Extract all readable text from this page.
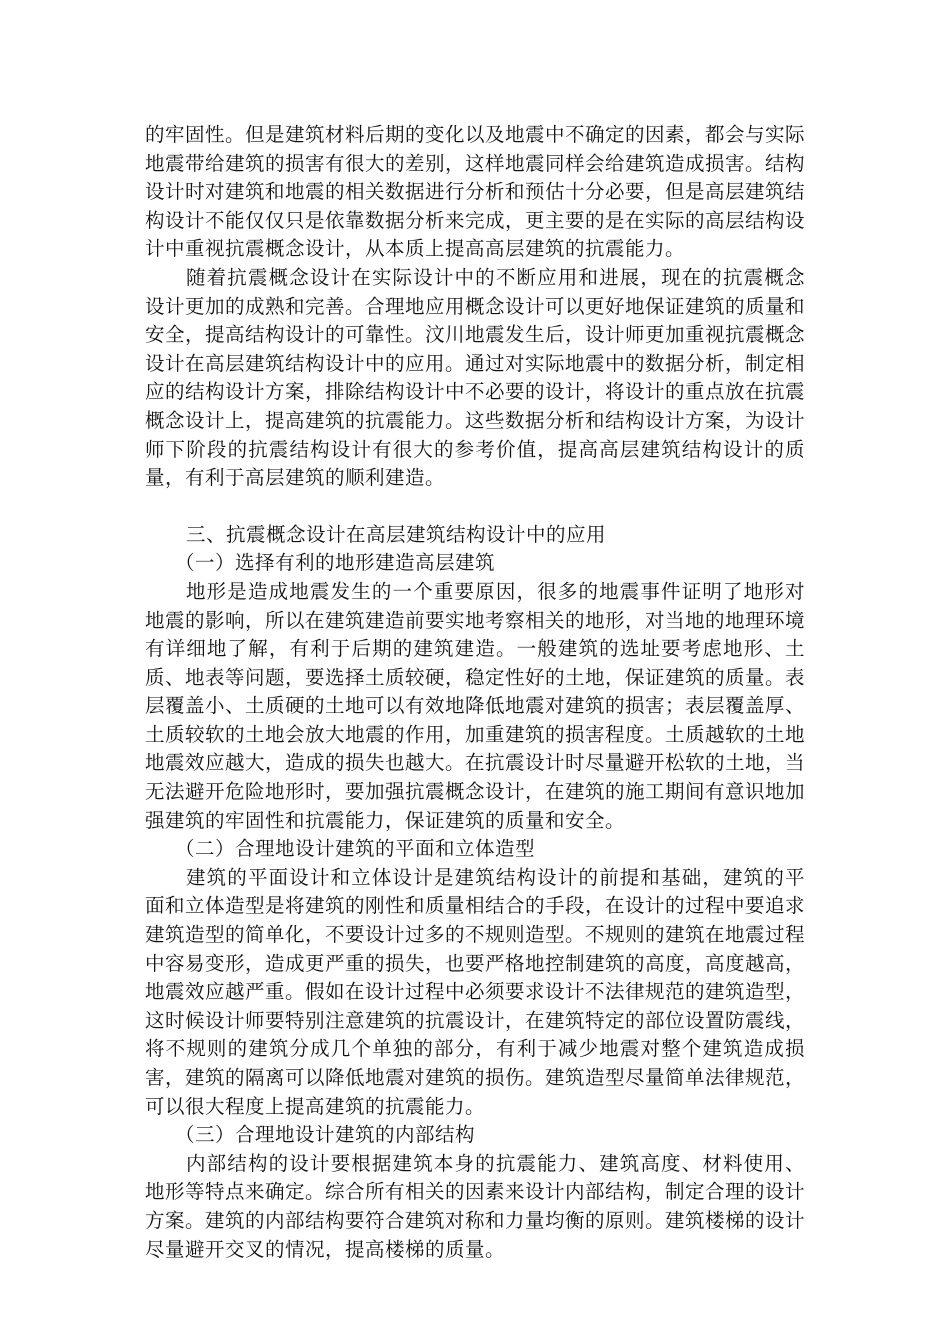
的牢固性。但是建筑材料后期的变化以及地震中不确定的因素，都会与实际地震带给建筑的损害有很大的差别，这样地震同样会给建筑造成损害。结构设计时对建筑和地震的相关数据进行分析和预估十分必要，但是高层建筑结构设计不能仅仅只是依靠数据分析来完成，更主要的是在实际的高层结构设计中重视抗震概念设计，从本质上提高高层建筑的抗震能力。

随着抗震概念设计在实际设计中的不断应用和进展，现在的抗震概念设计更加的成熟和完善。合理地应用概念设计可以更好地保证建筑的质量和安全，提高结构设计的可靠性。汶川地震发生后，设计师更加重视抗震概念设计在高层建筑结构设计中的应用。通过对实际地震中的数据分析，制定相应的结构设计方案，排除结构设计中不必要的设计，将设计的重点放在抗震概念设计上，提高建筑的抗震能力。这些数据分析和结构设计方案，为设计师下阶段的抗震结构设计有很大的参考价值，提高高层建筑结构设计的质量，有利于高层建筑的顺利建造。

三、抗震概念设计在高层建筑结构设计中的应用

（一）选择有利的地形建造高层建筑

地形是造成地震发生的一个重要原因，很多的地震事件证明了地形对地震的影响，所以在建筑建造前要实地考察相关的地形，对当地的地理环境有详细地了解，有利于后期的建筑建造。一般建筑的选址要考虑地形、土质、地表等问题，要选择土质较硬，稳定性好的土地，保证建筑的质量。表层覆盖小、土质硬的土地可以有效地降低地震对建筑的损害；表层覆盖厚、土质较软的土地会放大地震的作用，加重建筑的损害程度。土质越软的土地地震效应越大，造成的损失也越大。在抗震设计时尽量避开松软的土地，当无法避开危险地形时，要加强抗震概念设计，在建筑的施工期间有意识地加强建筑的牢固性和抗震能力，保证建筑的质量和安全。

（二）合理地设计建筑的平面和立体造型

建筑的平面设计和立体设计是建筑结构设计的前提和基础，建筑的平面和立体造型是将建筑的刚性和质量相结合的手段，在设计的过程中要追求建筑造型的简单化，不要设计过多的不规则造型。不规则的建筑在地震过程中容易变形，造成更严重的损失，也要严格地控制建筑的高度，高度越高，地震效应越严重。假如在设计过程中必须要求设计不法律规范的建筑造型，这时候设计师要特别注意建筑的抗震设计，在建筑特定的部位设置防震线，将不规则的建筑分成几个单独的部分，有利于减少地震对整个建筑造成损害，建筑的隔离可以降低地震对建筑的损伤。建筑造型尽量简单法律规范，可以很大程度上提高建筑的抗震能力。

（三）合理地设计建筑的内部结构

内部结构的设计要根据建筑本身的抗震能力、建筑高度、材料使用、地形等特点来确定。综合所有相关的因素来设计内部结构，制定合理的设计方案。建筑的内部结构要符合建筑对称和力量均衡的原则。建筑楼梯的设计尽量避开交叉的情况，提高楼梯的质量。
